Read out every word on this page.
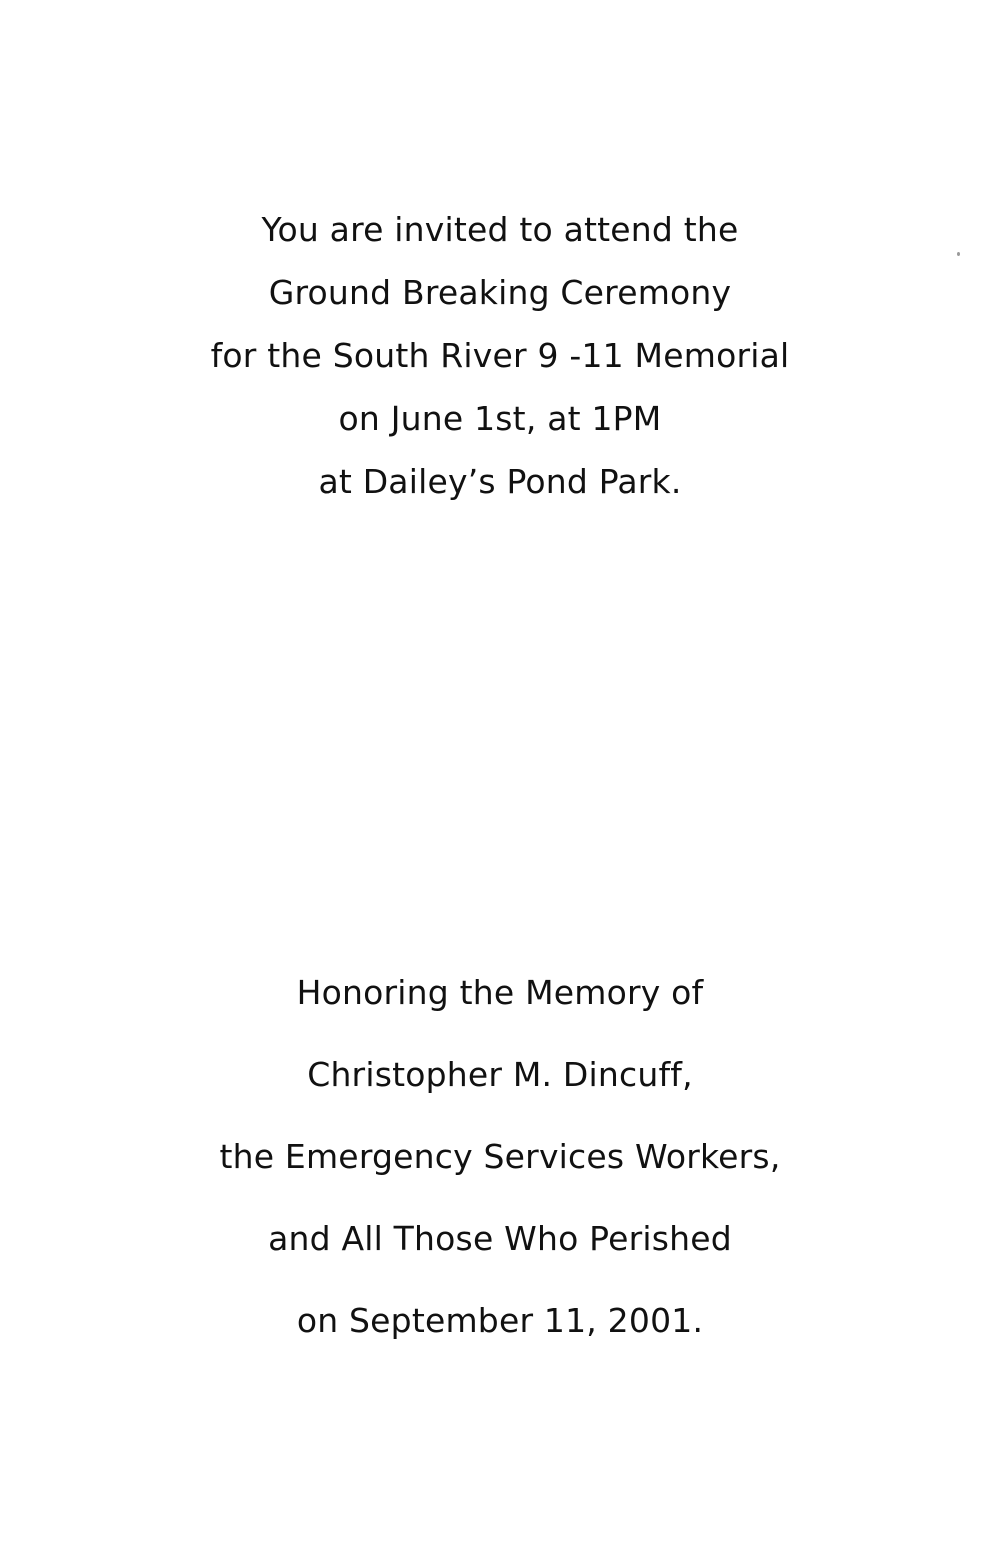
You are invited to attend the
Ground Breaking Ceremony
for the South River 9 -11 Memorial
on June 1st, at 1PM
at Dailey’s Pond Park.
Honoring the Memory of
Christopher M. Dincuff,
the Emergency Services Workers,
and All Those Who Perished
on September 11, 2001.
